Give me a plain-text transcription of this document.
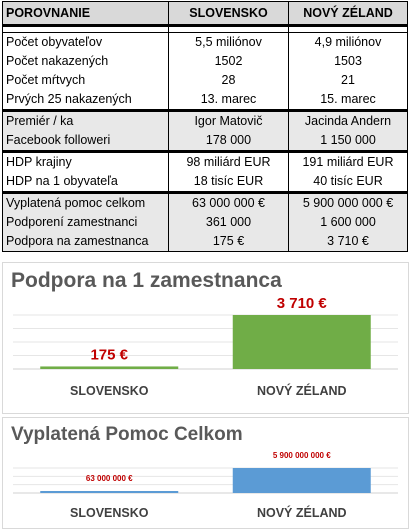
POROVNANIE	SLOVENSKO	NOVÝ ZÉLAND

Počet obyvateľov	5,5 miliónov	4,9 miliónov
Počet nakazených	1502	1503
Počet mŕtvych	28	21
Prvých 25 nakazených	13. marec	15. marec
Premiér / ka	Igor Matovič	Jacinda Andern
Facebook followeri	178 000	1 150 000
HDP krajiny	98 miliárd EUR	191 miliárd EUR
HDP na 1 obyvateľa	18 tisíc EUR	40 tisíc EUR
Vyplatená pomoc celkom	63 000 000 €	5 900 000 000 €
Podporení zamestnanci	361 000	1 600 000
Podpora na zamestnanca	175 €	3 710 €
Podpora na 1 zamestnanca
175 €
SLOVENSKO
3 710 €
NOVÝ ZÉLAND
Vyplatená Pomoc Celkom
63 000 000 €
SLOVENSKO
5 900 000 000 €
NOVÝ ZÉLAND
